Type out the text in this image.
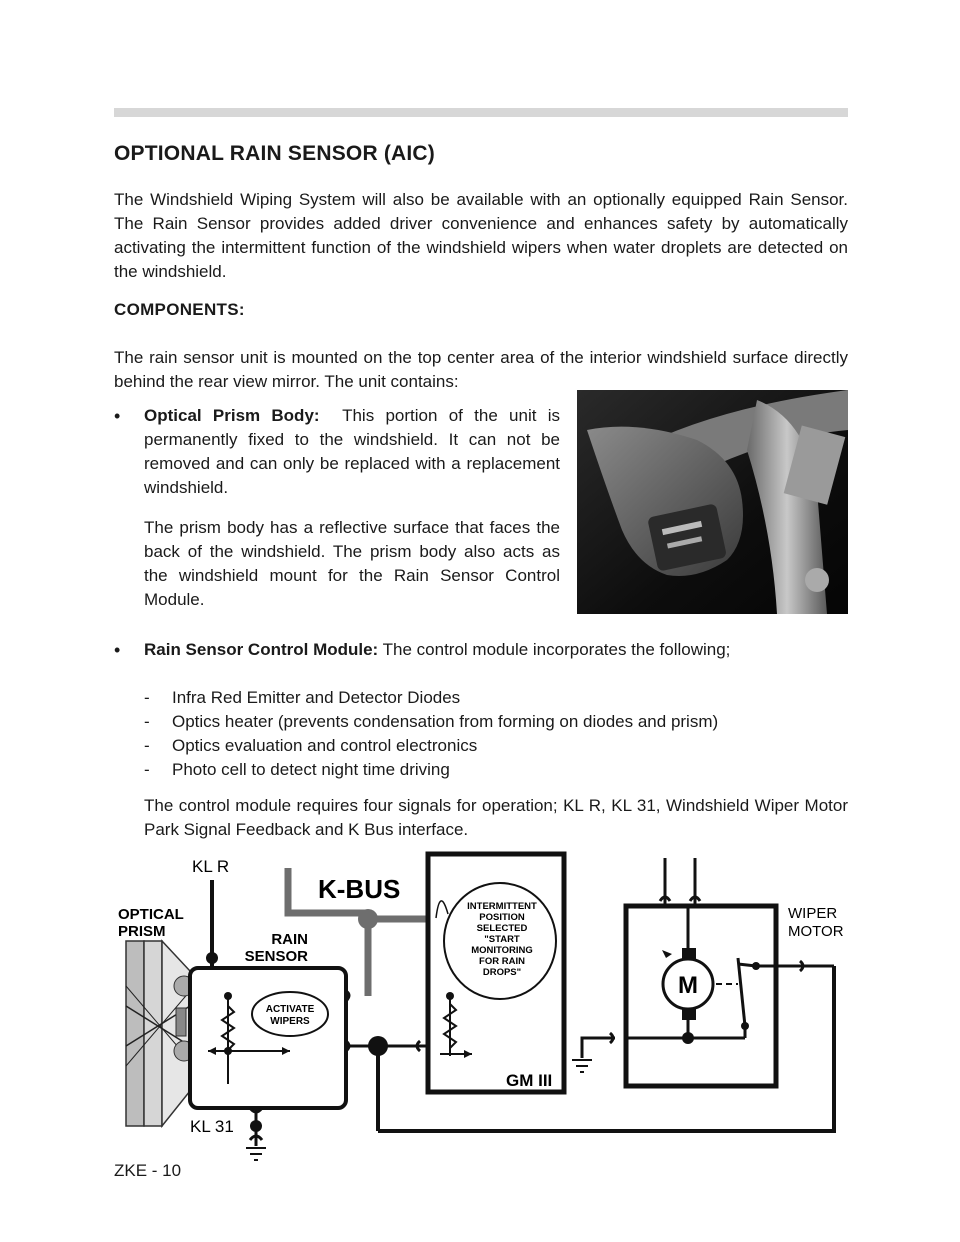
OPTIONAL RAIN SENSOR (AIC)

The Windshield Wiping System will also be available with an optionally equipped Rain Sensor. The Rain Sensor provides added driver convenience and enhances safety by automatically activating the intermittent function of the windshield wipers when water droplets are detected on the windshield.

COMPONENTS:

The rain sensor unit is mounted on the top center area of the interior windshield surface directly behind the rear view mirror. The unit contains:

• Optical Prism Body: This portion of the unit is permanently fixed to the windshield. It can not be removed and can only be replaced with a replacement windshield.

The prism body has a reflective surface that faces the back of the windshield. The prism body also acts as the windshield mount for the Rain Sensor Control Module.

• Rain Sensor Control Module: The control module incorporates the following;

-	Infra Red Emitter and Detector Diodes
-	Optics heater (prevents condensation from forming on diodes and prism)
-	Optics evaluation and control electronics
-	Photo cell to detect night time driving

The control module requires four signals for operation; KL R, KL 31, Windshield Wiper Motor Park Signal Feedback and K Bus interface.

OPTICAL
PRISM	RAIN
SENSOR
KL R
ACTIVATE
WIPERS
K-BUS
GM III
INTERMITTENT
POSITION
SELECTED
"START
MONITORING
FOR RAIN
DROPS"
WIPER
MOTOR
M
KL 31
ZKE - 10
